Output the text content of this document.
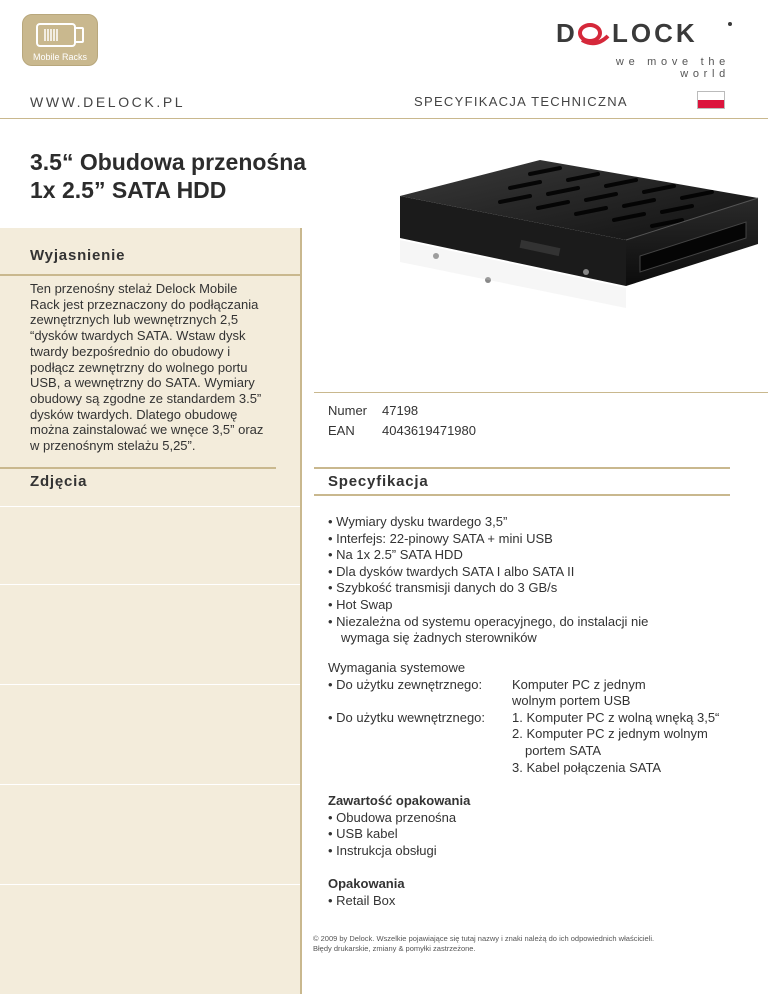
Mobile Racks
D LOCK
we move the world
WWW.DELOCK.PL	SPECYFIKACJA TECHNICZNA
3.5“ Obudowa przenośna
1x 2.5” SATA HDD
Wyjasnienie
Ten przenośny stelaż Delock Mobile
Rack jest przeznaczony do podłączania
zewnętrznych lub wewnętrznych 2,5
“dysków twardych SATA. Wstaw dysk
twardy bezpośrednio do obudowy i
podłącz zewnętrzny do wolnego portu
USB, a wewnętrzny do SATA. Wymiary
obudowy są zgodne ze standardem 3.5”
dysków twardych. Dlatego obudowę
można zainstalować we wnęce 3,5” oraz
w przenośnym stelażu 5,25”.
Zdjęcia
Numer 47198
EAN 4043619471980
Specyfikacja
• Wymiary dysku twardego 3,5”
• Interfejs: 22-pinowy SATA + mini USB
• Na 1x 2.5” SATA HDD
• Dla dysków twardych SATA I albo SATA II
• Szybkość transmisji danych do 3 GB/s
• Hot Swap
• Niezależna od systemu operacyjnego, do instalacji nie
wymaga się żadnych sterowników
Wymagania systemowe
• Do użytku zewnętrznego:	Komputer PC z jednym
wolnym portem USB
• Do użytku wewnętrznego:	1. Komputer PC z wolną wnęką 3,5“
2. Komputer PC z jednym wolnym
portem SATA
3. Kabel połączenia SATA
Zawartość opakowania
• Obudowa przenośna
• USB kabel
• Instrukcja obsługi
Opakowania
• Retail Box
© 2009 by Delock. Wszelkie pojawiające się tutaj nazwy i znaki należą do ich odpowiednich właścicieli.
Błędy drukarskie, zmiany & pomyłki zastrzeżone.
